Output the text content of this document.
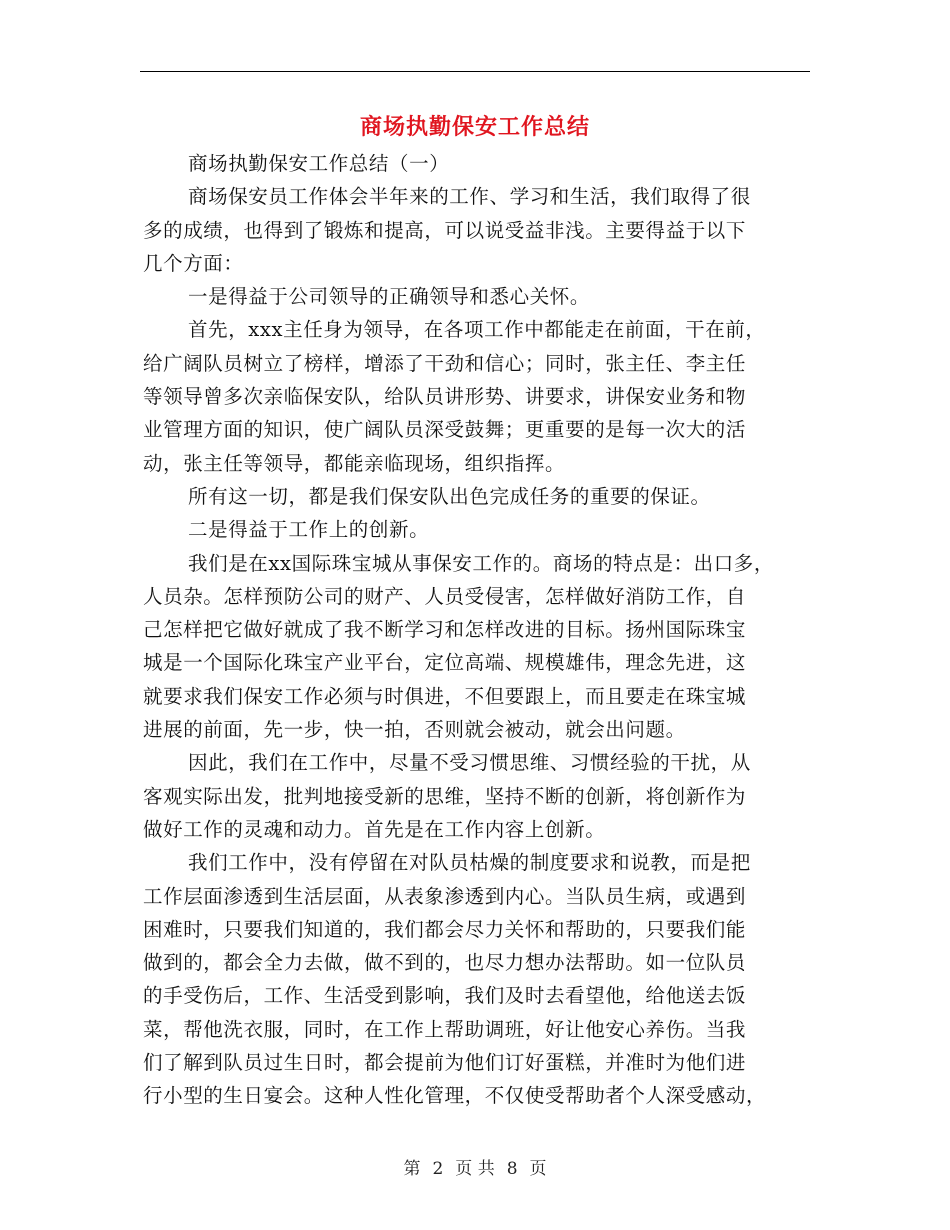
商场执勤保安工作总结
商场执勤保安工作总结（一）
商场保安员工作体会半年来的工作、学习和生活，我们取得了很
多的成绩，也得到了锻炼和提高，可以说受益非浅。主要得益于以下
几个方面：
一是得益于公司领导的正确领导和悉心关怀。
首先，xxx主任身为领导，在各项工作中都能走在前面，干在前，
给广阔队员树立了榜样，增添了干劲和信心；同时，张主任、李主任
等领导曾多次亲临保安队，给队员讲形势、讲要求，讲保安业务和物
业管理方面的知识，使广阔队员深受鼓舞；更重要的是每一次大的活
动，张主任等领导，都能亲临现场，组织指挥。
所有这一切，都是我们保安队出色完成任务的重要的保证。
二是得益于工作上的创新。
我们是在xx国际珠宝城从事保安工作的。商场的特点是：出口多，
人员杂。怎样预防公司的财产、人员受侵害，怎样做好消防工作，自
己怎样把它做好就成了我不断学习和怎样改进的目标。扬州国际珠宝
城是一个国际化珠宝产业平台，定位高端、规模雄伟，理念先进，这
就要求我们保安工作必须与时俱进，不但要跟上，而且要走在珠宝城
进展的前面，先一步，快一拍，否则就会被动，就会出问题。
因此，我们在工作中，尽量不受习惯思维、习惯经验的干扰，从
客观实际出发，批判地接受新的思维，坚持不断的创新，将创新作为
做好工作的灵魂和动力。首先是在工作内容上创新。
我们工作中，没有停留在对队员枯燥的制度要求和说教，而是把
工作层面渗透到生活层面，从表象渗透到内心。当队员生病，或遇到
困难时，只要我们知道的，我们都会尽力关怀和帮助的，只要我们能
做到的，都会全力去做，做不到的，也尽力想办法帮助。如一位队员
的手受伤后，工作、生活受到影响，我们及时去看望他，给他送去饭
菜，帮他洗衣服，同时，在工作上帮助调班，好让他安心养伤。当我
们了解到队员过生日时，都会提前为他们订好蛋糕，并准时为他们进
行小型的生日宴会。这种人性化管理，不仅使受帮助者个人深受感动，
第 2 页 共 8 页
